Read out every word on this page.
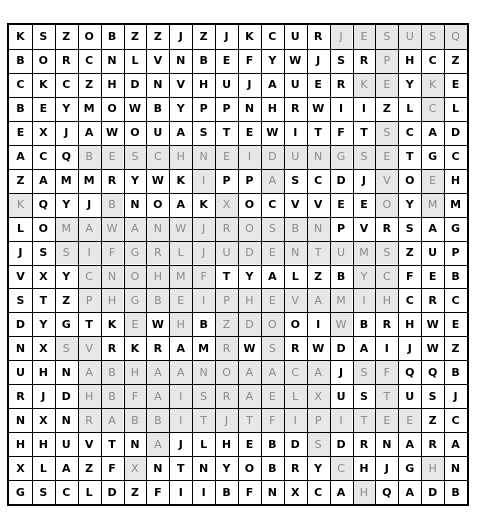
K	S	Z	O	B	Z	Z	J	Z	J	K	C	U	R	J	E	S	U	S	Q
B	O	R	C	N	L	V	N	B	E	F	Y	W	J	S	R	P	H	C	Z
C	K	C	Z	H	D	N	V	H	U	J	A	U	E	R	K	E	Y	K	E
B	E	Y	M	O	W	B	Y	P	P	N	H	R	W	I	I	Z	L	C	L
E	X	J	A	W	O	U	A	S	T	E	W	I	T	F	T	S	C	A	D
A	C	Q	B	E	S	C	H	N	E	I	D	U	N	G	S	E	T	G	C
Z	A	M	M	R	Y	W	K	I	P	P	A	S	C	D	J	V	O	E	H
K	Q	Y	J	B	N	O	A	K	X	O	C	V	V	E	E	O	Y	M	M
L	O	M	A	W	A	N	W	J	R	O	S	B	N	P	V	R	S	A	G
J	S	S	I	F	G	R	L	J	U	D	E	N	T	U	M	S	Z	U	P
V	X	Y	C	N	O	H	M	F	T	Y	A	L	Z	B	Y	C	F	E	B
S	T	Z	P	H	G	B	E	I	P	H	E	V	A	M	I	H	C	R	C
D	Y	G	T	K	E	W	H	B	Z	D	O	O	I	W	B	R	H	W	E
N	X	S	V	R	K	R	A	M	R	W	S	R	W	D	A	I	J	W	Z
U	H	N	A	B	H	A	A	N	O	A	A	C	A	J	S	F	Q	Q	B
R	J	D	H	B	F	A	I	S	R	A	E	L	X	U	S	T	U	S	J
N	X	N	R	A	B	B	I	T	J	T	F	I	P	I	T	E	E	Z	C
H	H	U	V	T	N	A	J	L	H	E	B	D	S	D	R	N	A	R	A
X	L	A	Z	F	X	N	T	N	Y	O	B	R	Y	C	H	J	G	H	N
G	S	C	L	D	Z	F	I	I	B	F	N	X	C	A	H	Q	A	D	B
